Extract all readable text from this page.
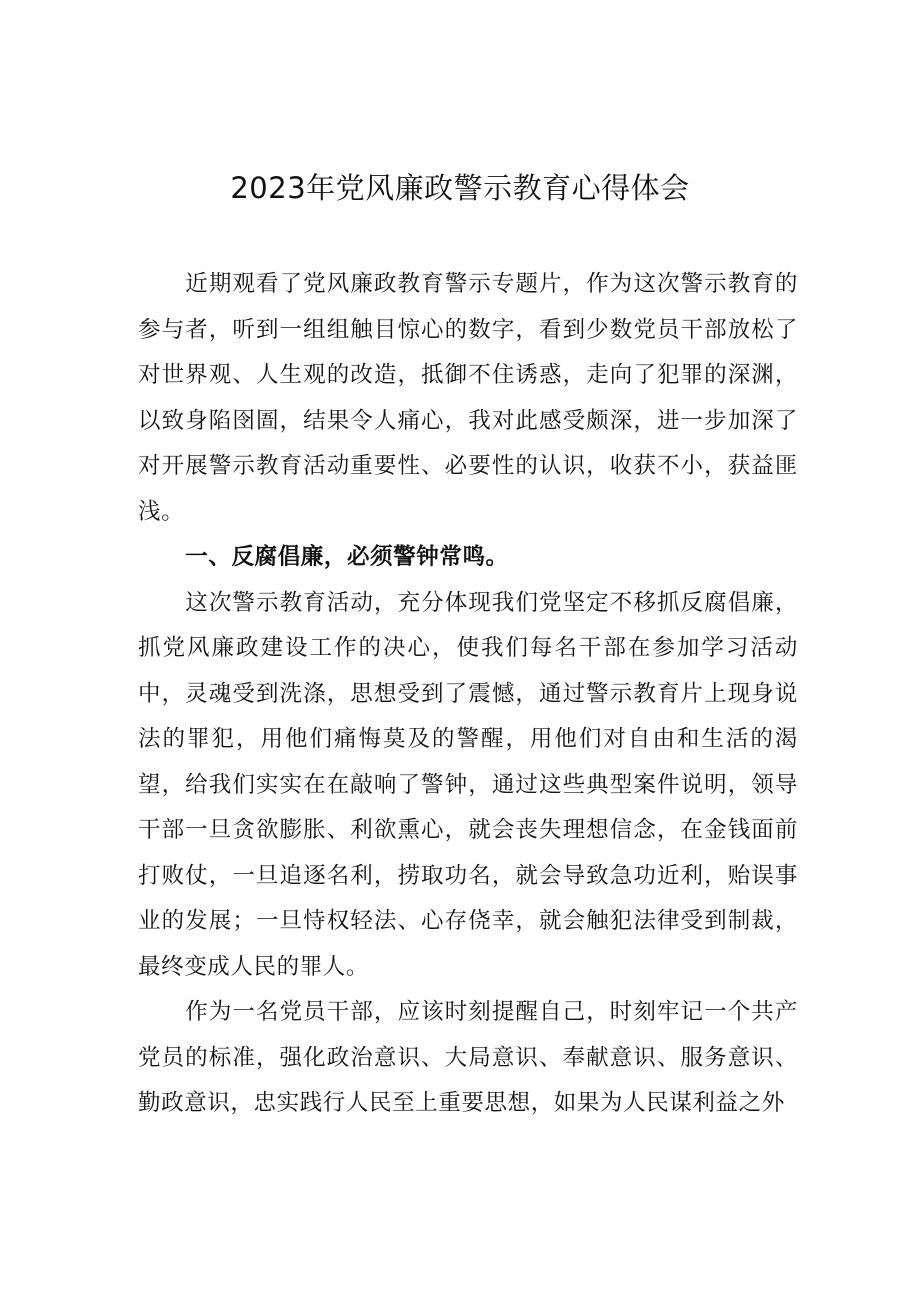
2023年党风廉政警示教育心得体会

近期观看了党风廉政教育警示专题片，作为这次警示教育的参与者，听到一组组触目惊心的数字，看到少数党员干部放松了对世界观、人生观的改造，抵御不住诱惑，走向了犯罪的深渊，以致身陷囹圄，结果令人痛心，我对此感受颇深，进一步加深了对开展警示教育活动重要性、必要性的认识，收获不小，获益匪浅。

一、反腐倡廉，必须警钟常鸣。

这次警示教育活动，充分体现我们党坚定不移抓反腐倡廉，抓党风廉政建设工作的决心，使我们每名干部在参加学习活动中，灵魂受到洗涤，思想受到了震憾，通过警示教育片上现身说法的罪犯，用他们痛悔莫及的警醒，用他们对自由和生活的渴望，给我们实实在在敲响了警钟，通过这些典型案件说明，领导干部一旦贪欲膨胀、利欲熏心，就会丧失理想信念，在金钱面前打败仗，一旦追逐名利，捞取功名，就会导致急功近利，贻误事业的发展；一旦恃权轻法、心存侥幸，就会触犯法律受到制裁，最终变成人民的罪人。

作为一名党员干部，应该时刻提醒自己，时刻牢记一个共产党员的标准，强化政治意识、大局意识、奉献意识、服务意识、勤政意识，忠实践行人民至上重要思想，如果为人民谋利益之外
